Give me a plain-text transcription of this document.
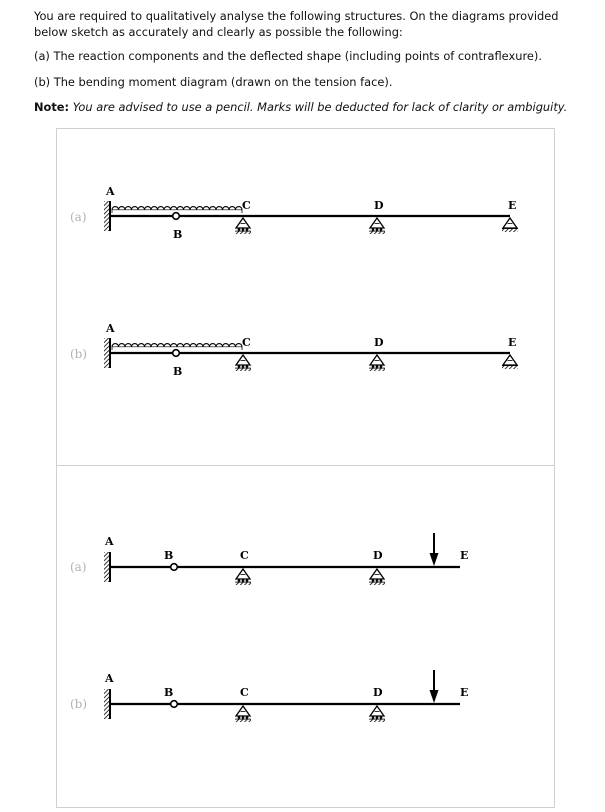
You are required to qualitatively analyse the following structures. On the diagrams provided below sketch as accurately and clearly as possible the following:

(a) The reaction components and the deflected shape (including points of contraflexure).

(b) The bending moment diagram (drawn on the tension face).

Note: You are advised to use a pencil. Marks will be deducted for lack of clarity or ambiguity.

(a)
A
B
C	D	E
(b)
A
B
C	D	E
(a)
A
B	C	D	E
(b)
A
B	C	D	E
